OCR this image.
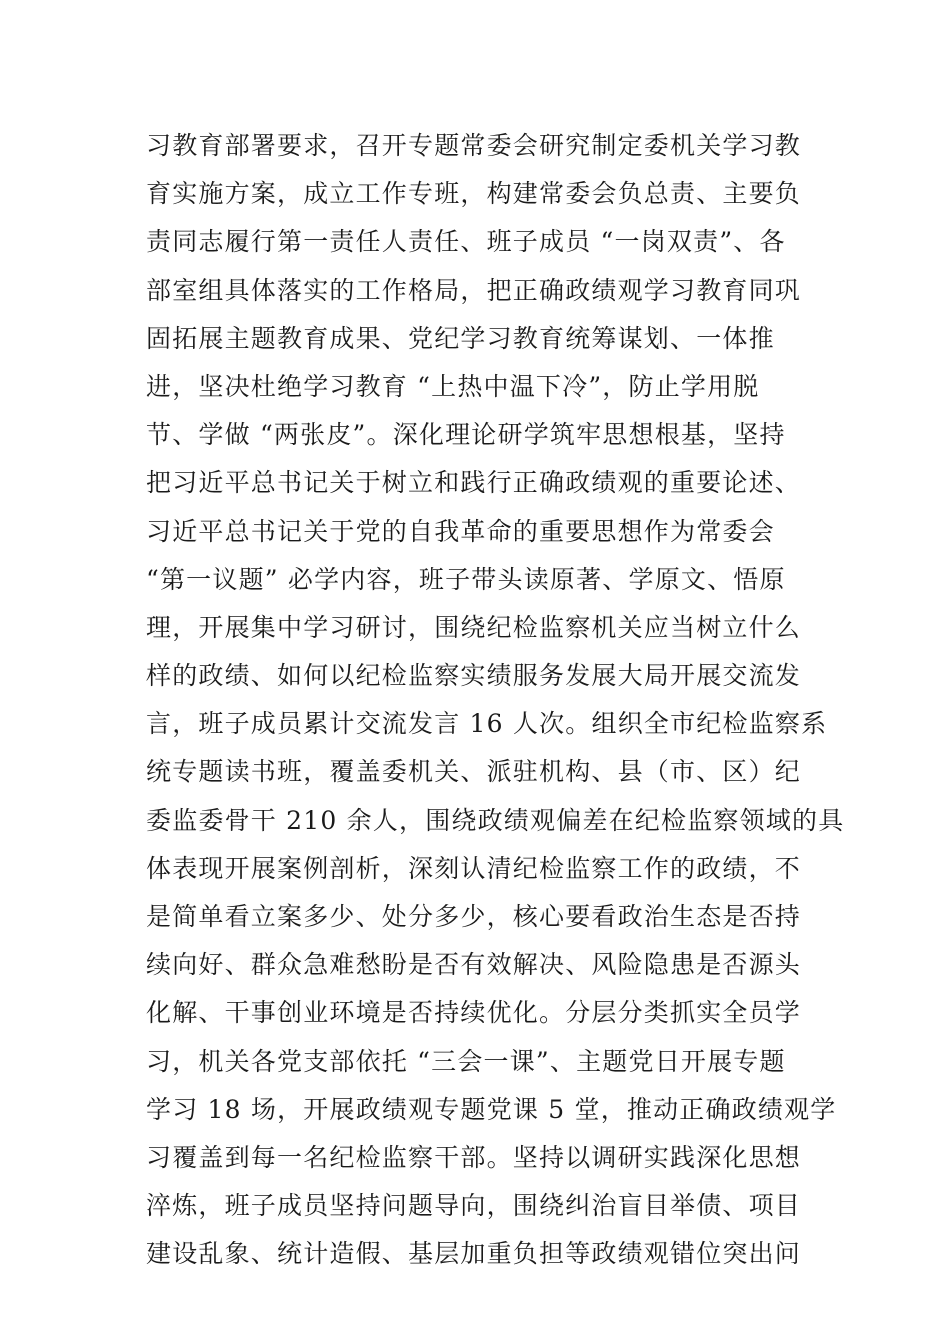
习教育部署要求，召开专题常委会研究制定委机关学习教
育实施方案，成立工作专班，构建常委会负总责、主要负
责同志履行第一责任人责任、班子成员 “一岗双责”、各
部室组具体落实的工作格局，把正确政绩观学习教育同巩
固拓展主题教育成果、党纪学习教育统筹谋划、一体推
进，坚决杜绝学习教育 “上热中温下冷”，防止学用脱
节、学做 “两张皮”。深化理论研学筑牢思想根基，坚持
把习近平总书记关于树立和践行正确政绩观的重要论述、
习近平总书记关于党的自我革命的重要思想作为常委会
“第一议题” 必学内容，班子带头读原著、学原文、悟原
理，开展集中学习研讨，围绕纪检监察机关应当树立什么
样的政绩、如何以纪检监察实绩服务发展大局开展交流发
言，班子成员累计交流发言 16 人次。组织全市纪检监察系
统专题读书班，覆盖委机关、派驻机构、县（市、区）纪
委监委骨干 210 余人，围绕政绩观偏差在纪检监察领域的具
体表现开展案例剖析，深刻认清纪检监察工作的政绩，不
是简单看立案多少、处分多少，核心要看政治生态是否持
续向好、群众急难愁盼是否有效解决、风险隐患是否源头
化解、干事创业环境是否持续优化。分层分类抓实全员学
习，机关各党支部依托 “三会一课”、主题党日开展专题
学习 18 场，开展政绩观专题党课 5 堂，推动正确政绩观学
习覆盖到每一名纪检监察干部。坚持以调研实践深化思想
淬炼，班子成员坚持问题导向，围绕纠治盲目举债、项目
建设乱象、统计造假、基层加重负担等政绩观错位突出问
